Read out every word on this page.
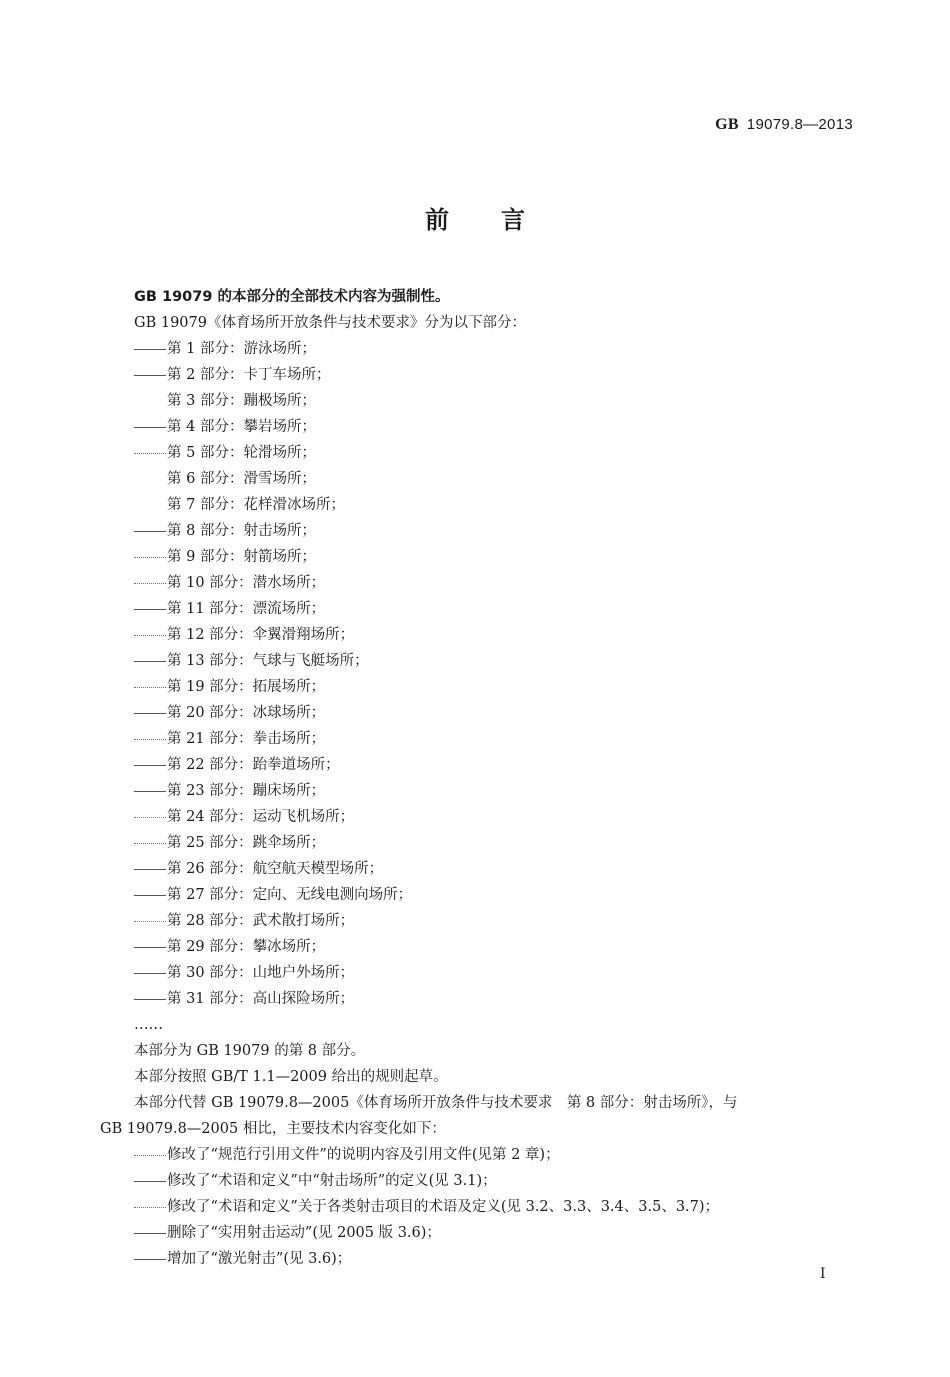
GB 19079.8—2013
前 言
GB 19079 的本部分的全部技术内容为强制性。
GB 19079《体育场所开放条件与技术要求》分为以下部分：
第 1 部分：游泳场所；
第 2 部分：卡丁车场所；
第 3 部分：蹦极场所；
第 4 部分：攀岩场所；
第 5 部分：轮滑场所；
第 6 部分：滑雪场所；
第 7 部分：花样滑冰场所；
第 8 部分：射击场所；
第 9 部分：射箭场所；
第 10 部分：潜水场所；
第 11 部分：漂流场所；
第 12 部分：伞翼滑翔场所；
第 13 部分：气球与飞艇场所；
第 19 部分：拓展场所；
第 20 部分：冰球场所；
第 21 部分：拳击场所；
第 22 部分：跆拳道场所；
第 23 部分：蹦床场所；
第 24 部分：运动飞机场所；
第 25 部分：跳伞场所；
第 26 部分：航空航天模型场所；
第 27 部分：定向、无线电测向场所；
第 28 部分：武术散打场所；
第 29 部分：攀冰场所；
第 30 部分：山地户外场所；
第 31 部分：高山探险场所；
……
本部分为 GB 19079 的第 8 部分。
本部分按照 GB/T 1.1—2009 给出的规则起草。
本部分代替 GB 19079.8—2005《体育场所开放条件与技术要求　第 8 部分：射击场所》，与
GB 19079.8—2005 相比，主要技术内容变化如下：
修改了“规范行引用文件”的说明内容及引用文件(见第 2 章)；
修改了“术语和定义”中“射击场所”的定义(见 3.1)；
修改了“术语和定义”关于各类射击项目的术语及定义(见 3.2、3.3、3.4、3.5、3.7)；
删除了“实用射击运动”(见 2005 版 3.6)；
增加了“激光射击”(见 3.6)；
I
